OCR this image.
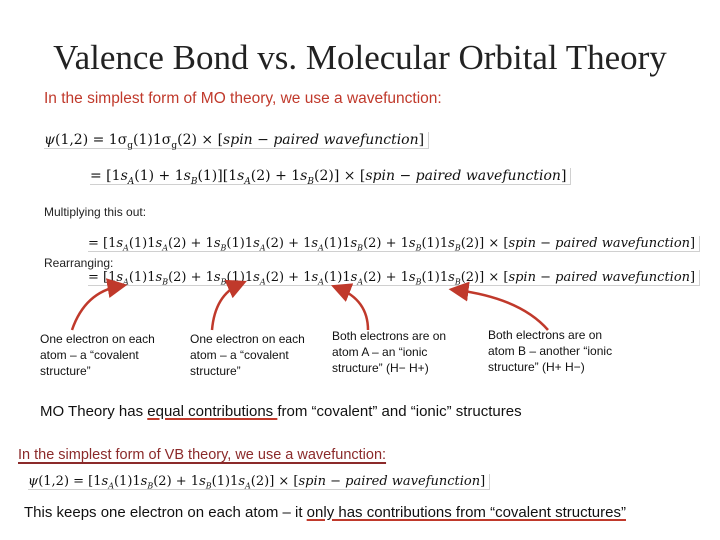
Valence Bond vs. Molecular Orbital Theory
In the simplest form of MO theory, we use a wavefunction:
$\psi(1,2) = 1\sigma_g(1)1\sigma_g(2)$ × [spin − paired wavefunction]
= $[1s_A(1) + 1s_B(1)][1s_A(2) + 1s_B(2)]$ × [spin − paired wavefunction]
Multiplying this out:
= $[1s_A(1)1s_A(2) + 1s_B(1)1s_A(2) + 1s_A(1)1s_B(2) + 1s_B(1)1s_B(2)]$ × [spin − paired wavefunction]
Rearranging:
= $[1s_A(1)1s_B(2) + 1s_B(1)1s_A(2) + 1s_A(1)1s_A(2) + 1s_B(1)1s_B(2)]$ × [spin − paired wavefunction]
One electron on each atom – a “covalent structure”
One electron on each atom – a “covalent structure”
Both electrons are on atom A – an “ionic structure” (H− H+)
Both electrons are on atom B – another “ionic structure” (H+ H−)
MO Theory has equal contributions from “covalent” and “ionic” structures
In the simplest form of VB theory, we use a wavefunction:
$\psi(1,2) = [1s_A(1)1s_B(2) + 1s_B(1)1s_A(2)]$ × [spin − paired wavefunction]
This keeps one electron on each atom – it only has contributions from “covalent structures”
